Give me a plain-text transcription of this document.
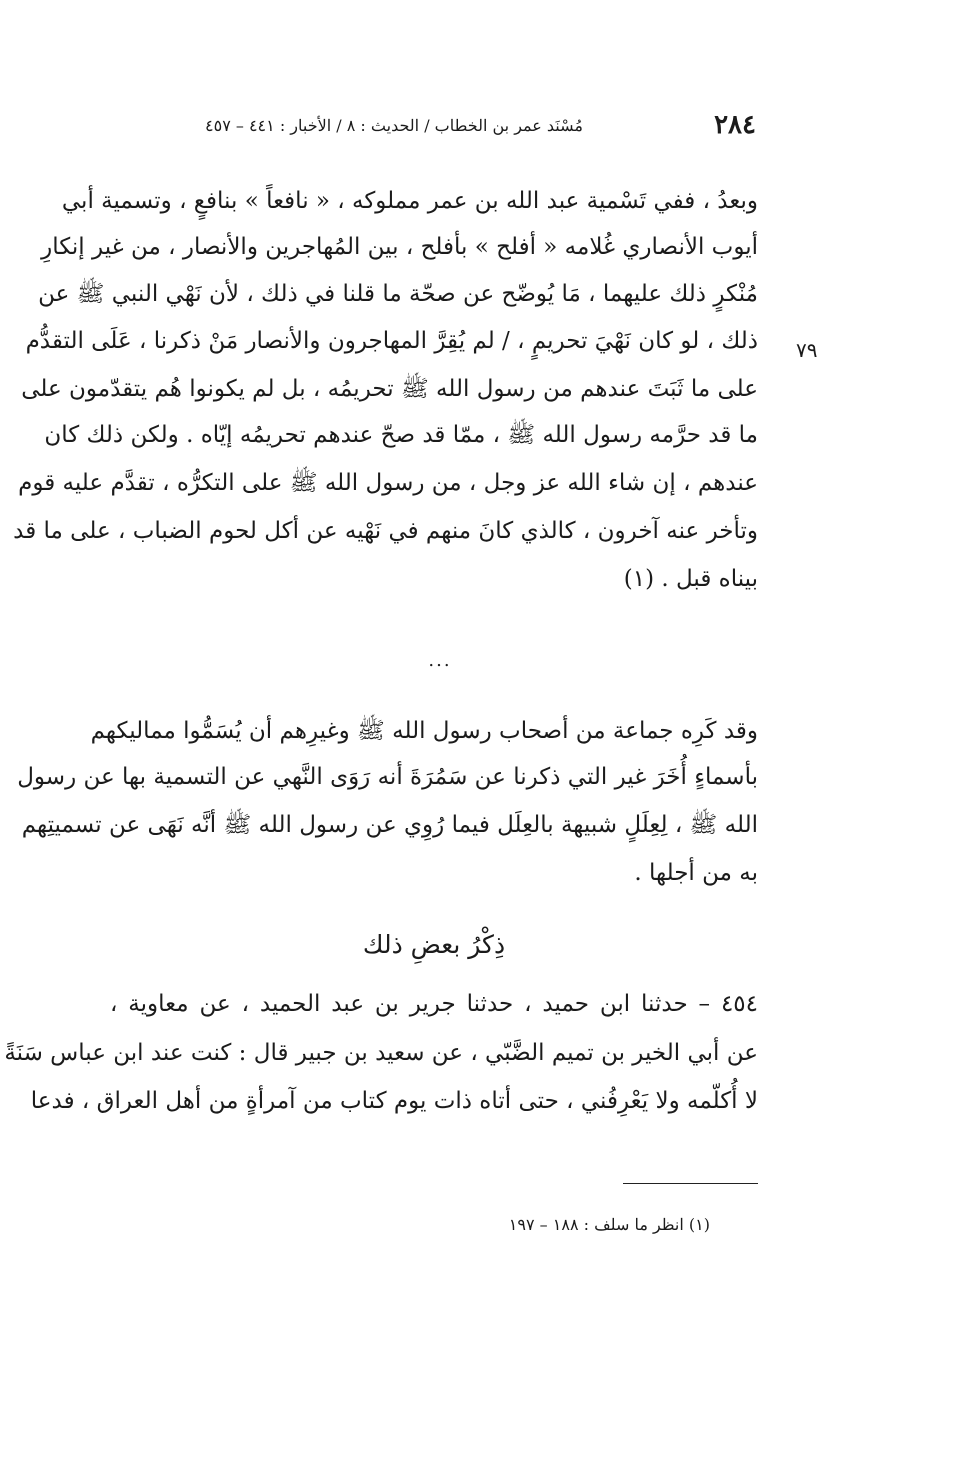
٢٨٤
مُسْنَد عمر بن الخطاب / الحديث : ٨ / الأخبار : ٤٤١ – ٤٥٧
وبعدُ ، ففي تَسْمية عبد الله بن عمر مملوكه ، « نافعاً » بنافعٍ ، وتسمية أبي
أيوب الأنصاري غُلامه « أفلح » بأفلح ، بين المُهاجرين والأنصار ، من غير إنكارِ
مُنْكرٍ ذلك عليهما ، مَا يُوضّح عن صحّة ما قلنا في ذلك ، لأن نَهْي النبي ﷺ عن
ذلك ، لو كان نَهْيَ تحريمٍ ، / لم يُقِرَّ المهاجرون والأنصار مَنْ ذكرنا ، عَلَى التقدُّم ٧٩
على ما ثَبَتَ عندهم من رسول الله ﷺ تحريمُه ، بل لم يكونوا هُم يتقدّمون على
ما قد حرَّمه رسول الله ﷺ ، ممّا قد صحّ عندهم تحريمُه إيّاه . ولكن ذلك كان
عندهم ، إن شاء الله عز وجل ، من رسول الله ﷺ على التكرُّه ، تقدَّم عليه قوم
وتأخر عنه آخرون ، كالذي كانَ منهم في نَهْيه عن أكل لحوم الضباب ، على ما قد
بيناه قبل . (١)
...
وقد كَرِه جماعة من أصحاب رسول الله ﷺ وغيرِهم أن يُسَمُّوا مماليكهم
بأسماءٍ أُخَرَ غير التي ذكرنا عن سَمُرَةَ أنه رَوَى النَّهي عن التسمية بها عن رسول
الله ﷺ ، لِعِلَلٍ شبيهة بالعِلَل فيما رُوِي عن رسول الله ﷺ أنَّه نَهَى عن تسميتِهم
به من أجلها .
ذِكْرُ بعضِ ذلك
٤٥٤ – حدثنا ابن حميد ، حدثنا جرير بن عبد الحميد ، عن معاوية ،
عن أبي الخير بن تميم الضَّبّي ، عن سعيد بن جبير قال : كنت عند ابن عباس سَنَةً
لا أُكلّمه ولا يَعْرِفُني ، حتى أتاه ذات يوم كتاب من آمرأةٍ من أهل العراق ، فدعا
(١) انظر ما سلف : ١٨٨ – ١٩٧
